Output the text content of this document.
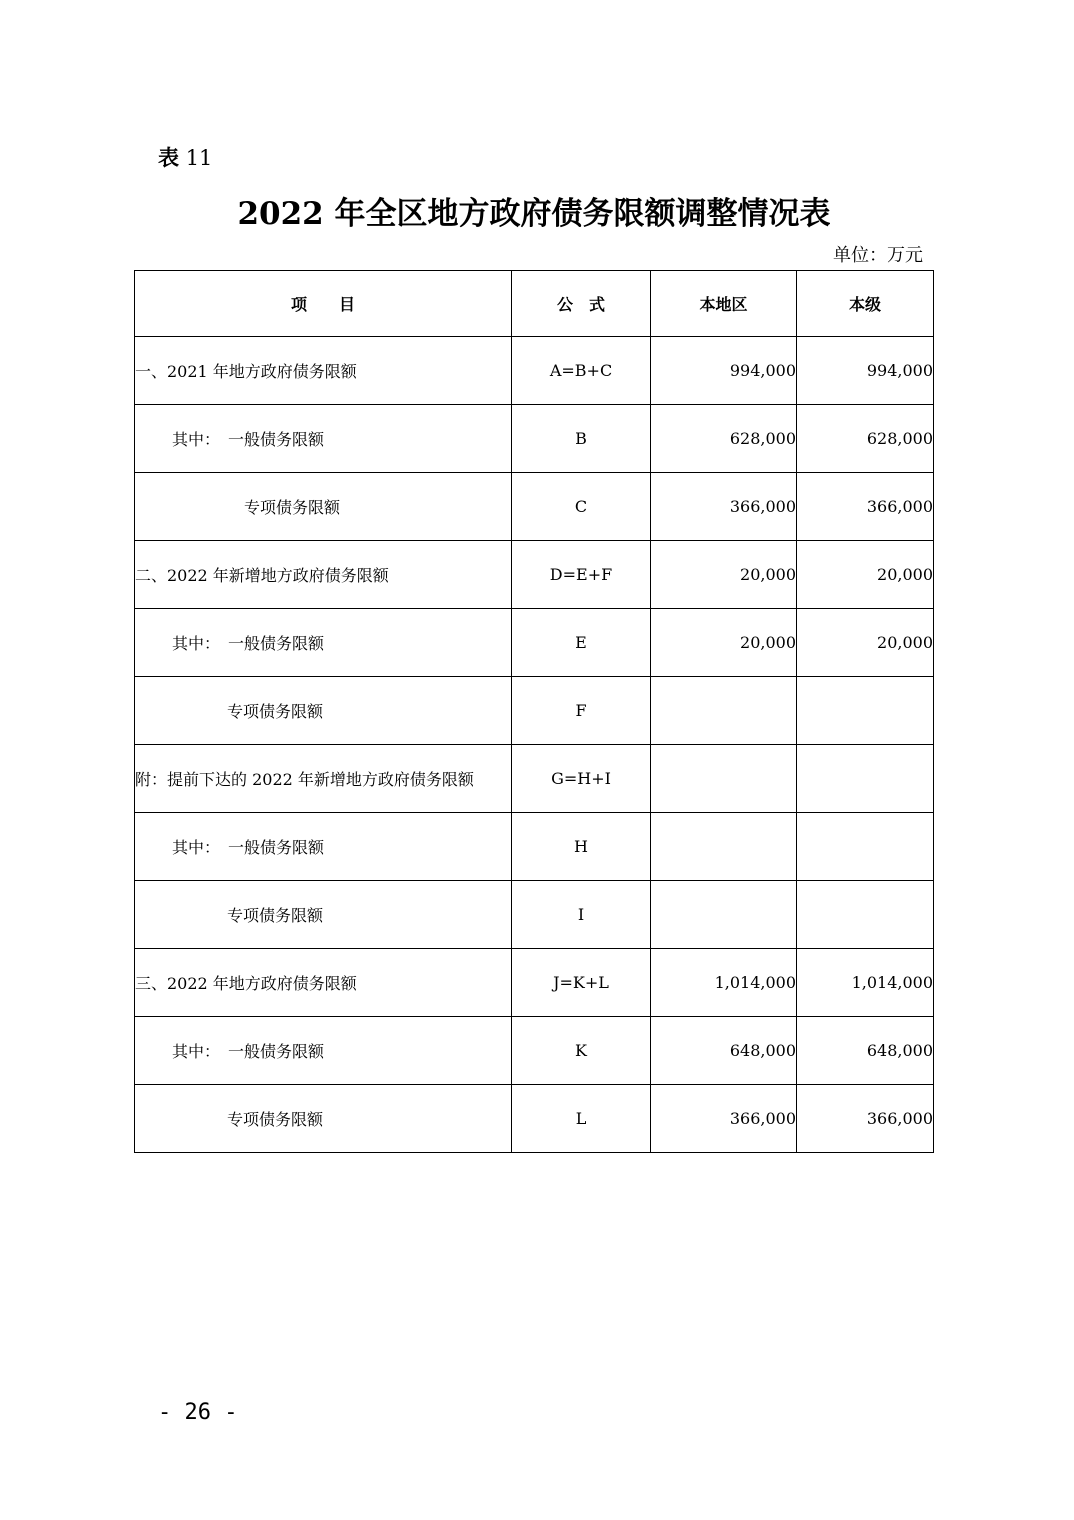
表 11
2022 年全区地方政府债务限额调整情况表
单位：万元
项　　目	公　式	本地区	本级
一、2021 年地方政府债务限额	A=B+C	994,000	994,000
其中：　一般债务限额	B	628,000	628,000
专项债务限额	C	366,000	366,000
二、2022 年新增地方政府债务限额	D=E+F	20,000	20,000
其中：　一般债务限额	E	20,000	20,000
专项债务限额	F		
附：提前下达的 2022 年新增地方政府债务限额	G=H+I		
其中：　一般债务限额	H		
专项债务限额	I		
三、2022 年地方政府债务限额	J=K+L	1,014,000	1,014,000
其中：　一般债务限额	K	648,000	648,000
专项债务限额	L	366,000	366,000
- 26 -
